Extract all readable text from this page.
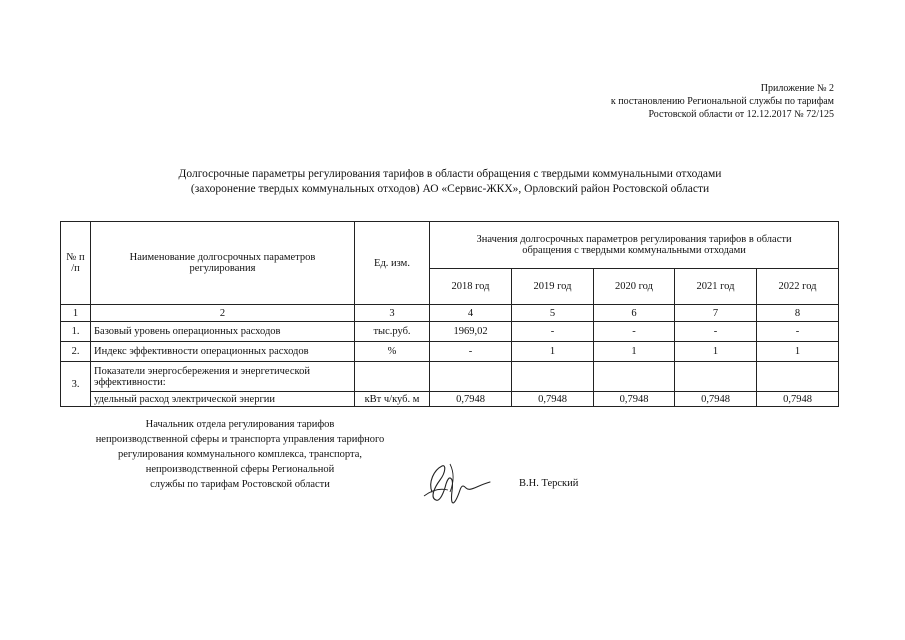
Приложение № 2
к постановлению Региональной службы по тарифам
Ростовской области от 12.12.2017 № 72/125
Долгосрочные параметры регулирования тарифов в области обращения с твердыми коммунальными отходами
(захоронение твердых коммунальных отходов) АО «Сервис-ЖКХ», Орловский район Ростовской области
№ п /п	Наименование долгосрочных параметров регулирования	Ед. изм.	Значения долгосрочных параметров регулирования тарифов в области обращения с твердыми коммунальными отходами				

			2018 год	2019 год	2020 год	2021 год	2022 год
1	2	3	4	5	6	7	8
1.	Базовый уровень операционных расходов	тыс.руб.	1969,02	-	-	-	-
2.	Индекс эффективности операционных расходов	%	-	1	1	1	1
3.	Показатели энергосбережения и энергетической
эффективности:						

	удельный расход электрической энергии	кВт ч/куб. м	0,7948	0,7948	0,7948	0,7948	0,7948
Начальник отдела регулирования тарифов
непроизводственной сферы и транспорта управления тарифного
регулирования коммунального комплекса, транспорта,
непроизводственной сферы Региональной
службы по тарифам Ростовской области	В.Н. Терский
